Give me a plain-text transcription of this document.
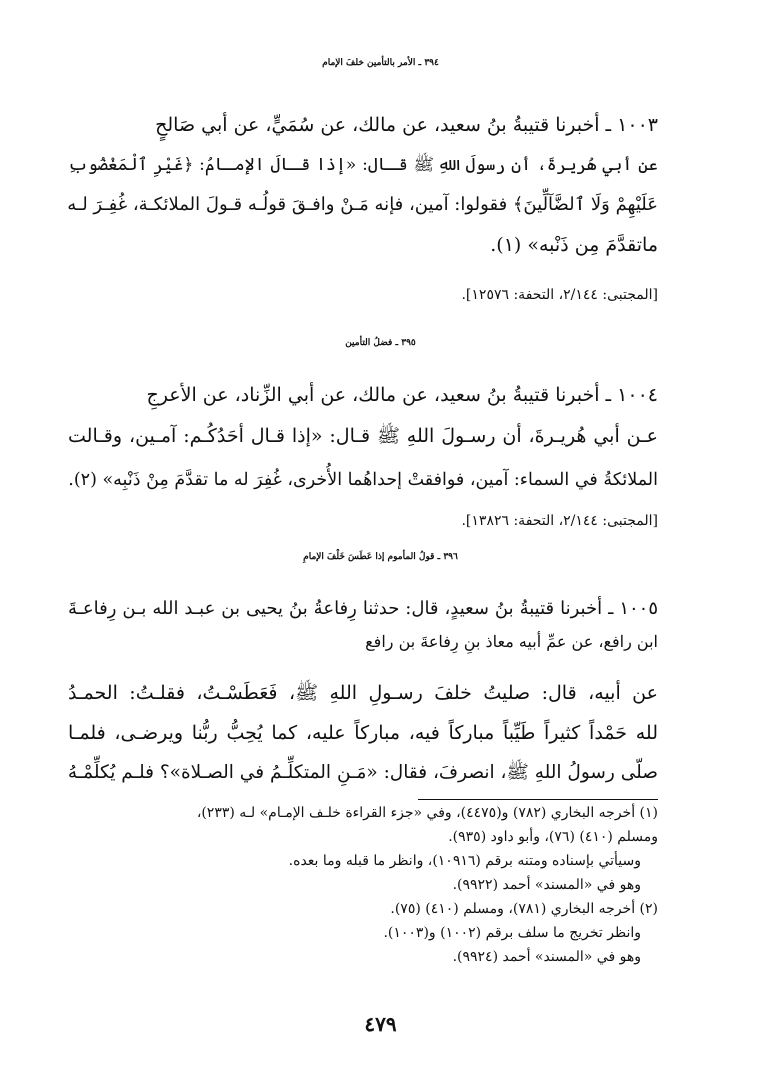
٣٩٤ ـ الأمر بالتأمين خلفَ الإمام
١٠٠٣ ـ أخبرنا قتيبةُ بنُ سعيد، عن مالك، عن سُمَيٍّ، عن أبي صَالحٍ
عن أبي هُريرةَ، أن رسولَ اللهِ ﷺ قـال: «إذا قـالَ الإمـامُ: ﴿غَيْرِ ٱلْمَغْضُوبِ
عَلَيْهِمْ وَلَا ٱلضَّآلِّينَ﴾ فقولوا: آمين، فإنه مَـنْ وافـقَ قولُـه قـولَ الملائكـة، غُفِـرَ لـه
ماتقدَّمَ مِن ذَنْبه» (١).
[المجتبى: ٢/١٤٤، التحفة: ١٢٥٧٦].
٣٩٥ ـ فضلُ التأمين
١٠٠٤ ـ أخبرنا قتيبةُ بنُ سعيد، عن مالك، عن أبي الزِّناد، عن الأعرجِ
عـن أبي هُريـرةَ، أن رسـولَ اللهِ ﷺ قـال: «إذا قـال أحَدُكُـم: آمـين، وقـالت
الملائكةُ في السماء: آمين، فوافقتْ إحداهُما الأُخرى، غُفِرَ له ما تقدَّمَ مِنْ ذَنْبِه» (٢).
[المجتبى: ٢/١٤٤، التحفة: ١٣٨٢٦].
٣٩٦ ـ قولُ المأموم إذا عَطَسَ خَلْفَ الإمامِ
١٠٠٥ ـ أخبرنا قتيبةُ بنُ سعيدٍ، قال: حدثنا رِفاعةُ بنُ يحيى بن عبـد الله بـن رِفاعـةَ
ابن رافع، عن عمِّ أبيه معاذ بنِ رِفاعةَ بن رافع
عن أبيه، قال: صليتُ خلفَ رسـولِ اللهِ ﷺ، فَعَطَسْـتُ، فقلـتُ: الحمـدُ
لله حَمْداً كثيراً طَيِّباً مباركاً فيه، مباركاً عليه، كما يُحِبُّ ربُّنا ويرضـى، فلمـا
صلّى رسولُ اللهِ ﷺ، انصرفَ، فقال: «مَـنِ المتكلِّـمُ في الصـلاة»؟ فلـم يُكلِّمْـهُ
(١) أخرجه البخاري (٧٨٢) و(٤٤٧٥)، وفي «جزء القراءة خلـف الإمـام» لـه (٢٣٣)،
ومسلم (٤١٠) (٧٦)، وأبو داود (٩٣٥).
وسيأتي بإسناده ومتنه برقم (١٠٩١٦)، وانظر ما قبله وما بعده.
وهو في «المسند» أحمد (٩٩٢٢).
(٢) أخرجه البخاري (٧٨١)، ومسلم (٤١٠) (٧٥).
وانظر تخريج ما سلف برقم (١٠٠٢) و(١٠٠٣).
وهو في «المسند» أحمد (٩٩٢٤).
٤٧٩
